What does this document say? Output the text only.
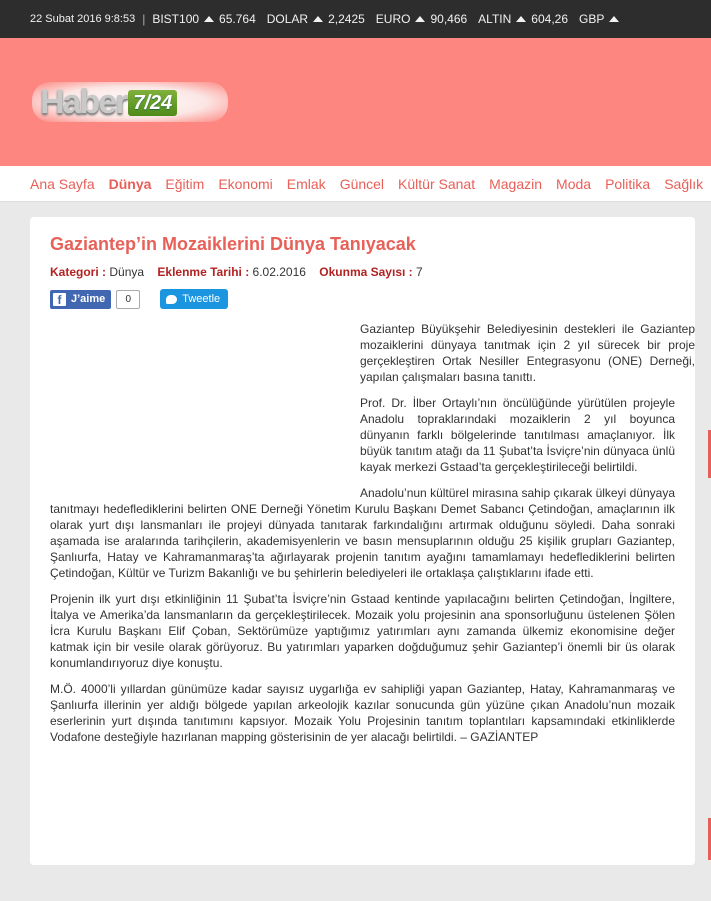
22 Subat 2016 9:8:53 | BIST100 65.764 DOLAR 2,2425 EURO 90,466 ALTIN 604,26 GBP
Haber 7/24
Ana Sayfa Dünya Eğitim Ekonomi Emlak Güncel Kültür Sanat Magazin Moda Politika Sağlık
Gaziantep’in Mozaiklerini Dünya Tanıyacak
Kategori : Dünya Eklenme Tarihi : 6.02.2016 Okunma Sayısı : 7
f J’aime	0	Tweetle

Gaziantep Büyükşehir Belediyesinin destekleri ile Gaziantep mozaiklerini dünyaya tanıtmak için 2 yıl sürecek bir proje gerçekleştiren Ortak Nesiller Entegrasyonu (ONE) Derneği, yapılan çalışmaları basına tanıttı.

Prof. Dr. İlber Ortaylı’nın öncülüğünde yürütülen projeyle Anadolu topraklarındaki mozaiklerin 2 yıl boyunca dünyanın farklı bölgelerinde tanıtılması amaçlanıyor. İlk büyük tanıtım atağı da 11 Şubat’ta İsviçre’nin dünyaca ünlü kayak merkezi Gstaad’ta gerçekleştirileceği belirtildi.

Anadolu’nun kültürel mirasına sahip çıkarak ülkeyi dünyaya tanıtmayı hedeflediklerini belirten ONE Derneği Yönetim Kurulu Başkanı Demet Sabancı Çetindoğan, amaçlarının ilk olarak yurt dışı lansmanları ile projeyi dünyada tanıtarak farkındalığını artırmak olduğunu söyledi. Daha sonraki aşamada ise aralarında tarihçilerin, akademisyenlerin ve basın mensuplarının olduğu 25 kişilik grupları Gaziantep, Şanlıurfa, Hatay ve Kahramanmaraş’ta ağırlayarak projenin tanıtım ayağını tamamlamayı hedeflediklerini belirten Çetindoğan, Kültür ve Turizm Bakanlığı ve bu şehirlerin belediyeleri ile ortaklaşa çalıştıklarını ifade etti.

Projenin ilk yurt dışı etkinliğinin 11 Şubat’ta İsviçre’nin Gstaad kentinde yapılacağını belirten Çetindoğan, İngiltere, İtalya ve Amerika’da lansmanların da gerçekleştirilecek. Mozaik yolu projesinin ana sponsorluğunu üstelenen Şölen İcra Kurulu Başkanı Elif Çoban, Sektörümüze yaptığımız yatırımları aynı zamanda ülkemiz ekonomisine değer katmak için bir vesile olarak görüyoruz. Bu yatırımları yaparken doğduğumuz şehir Gaziantep’i önemli bir üs olarak konumlandırıyoruz diye konuştu.

M.Ö. 4000’li yıllardan günümüze kadar sayısız uygarlığa ev sahipliği yapan Gaziantep, Hatay, Kahramanmaraş ve Şanlıurfa illerinin yer aldığı bölgede yapılan arkeolojik kazılar sonucunda gün yüzüne çıkan Anadolu’nun mozaik eserlerinin yurt dışında tanıtımını kapsıyor. Mozaik Yolu Projesinin tanıtım toplantıları kapsamındaki etkinliklerde Vodafone desteğiyle hazırlanan mapping gösterisinin de yer alacağı belirtildi. – GAZİANTEP
